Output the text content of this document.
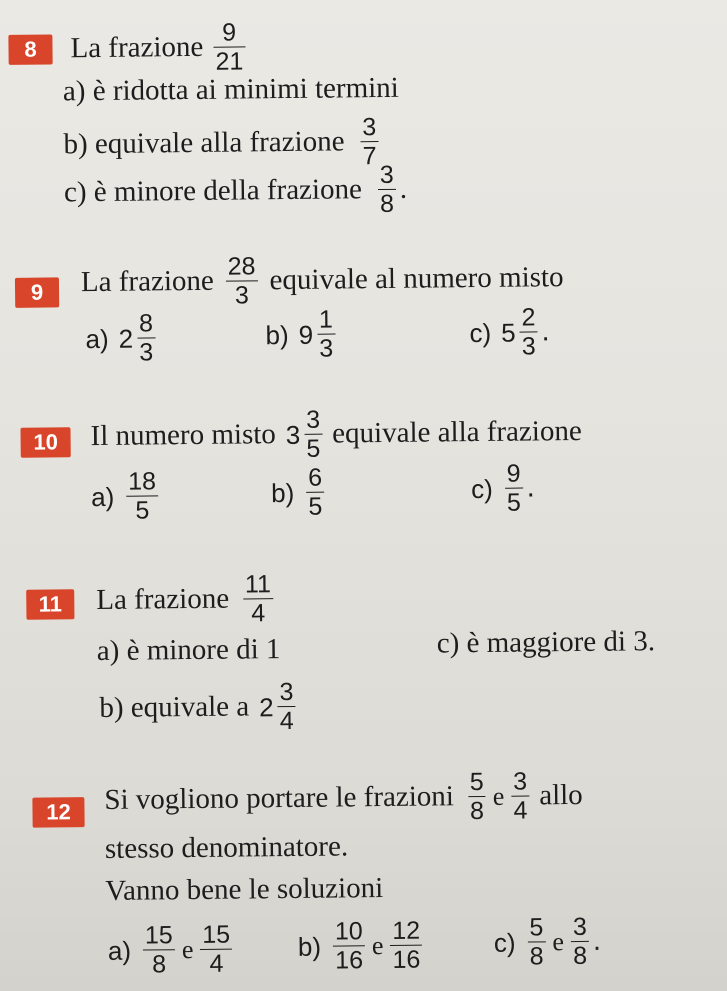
8	La frazione $\frac{9}{21}$
a) è ridotta ai minimi termini
b) equivale alla frazione $\frac{3}{7}$
c) è minore della frazione $\frac{3}{8}$ .
9	La frazione $\frac{28}{3}$ equivale al numero misto
a) $2 \frac{8}{3}$	b) $9 \frac{1}{3}$	c) $5 \frac{2}{3}$ .
10	Il numero misto $3 \frac{3}{5}$ equivale alla frazione
$a) \frac{18}{5}$	$b) \frac{6}{5}$	$c) \frac{9}{5}$ .
11	La frazione $\frac{11}{4}$
a) è minore di 1	c) è maggiore di 3.
b) equivale a $2 \frac{3}{4}$
12	Si vogliono portare le frazioni $\frac{5}{8}$ e $\frac{3}{4}$ allo
stesso denominatore.
Vanno bene le soluzioni
$a) \frac{15}{8}$ e $\frac{15}{4}$	$b) \frac{10}{16}$ e $\frac{12}{16}$	$c) \frac{5}{8}$ e $\frac{3}{8}$ .
